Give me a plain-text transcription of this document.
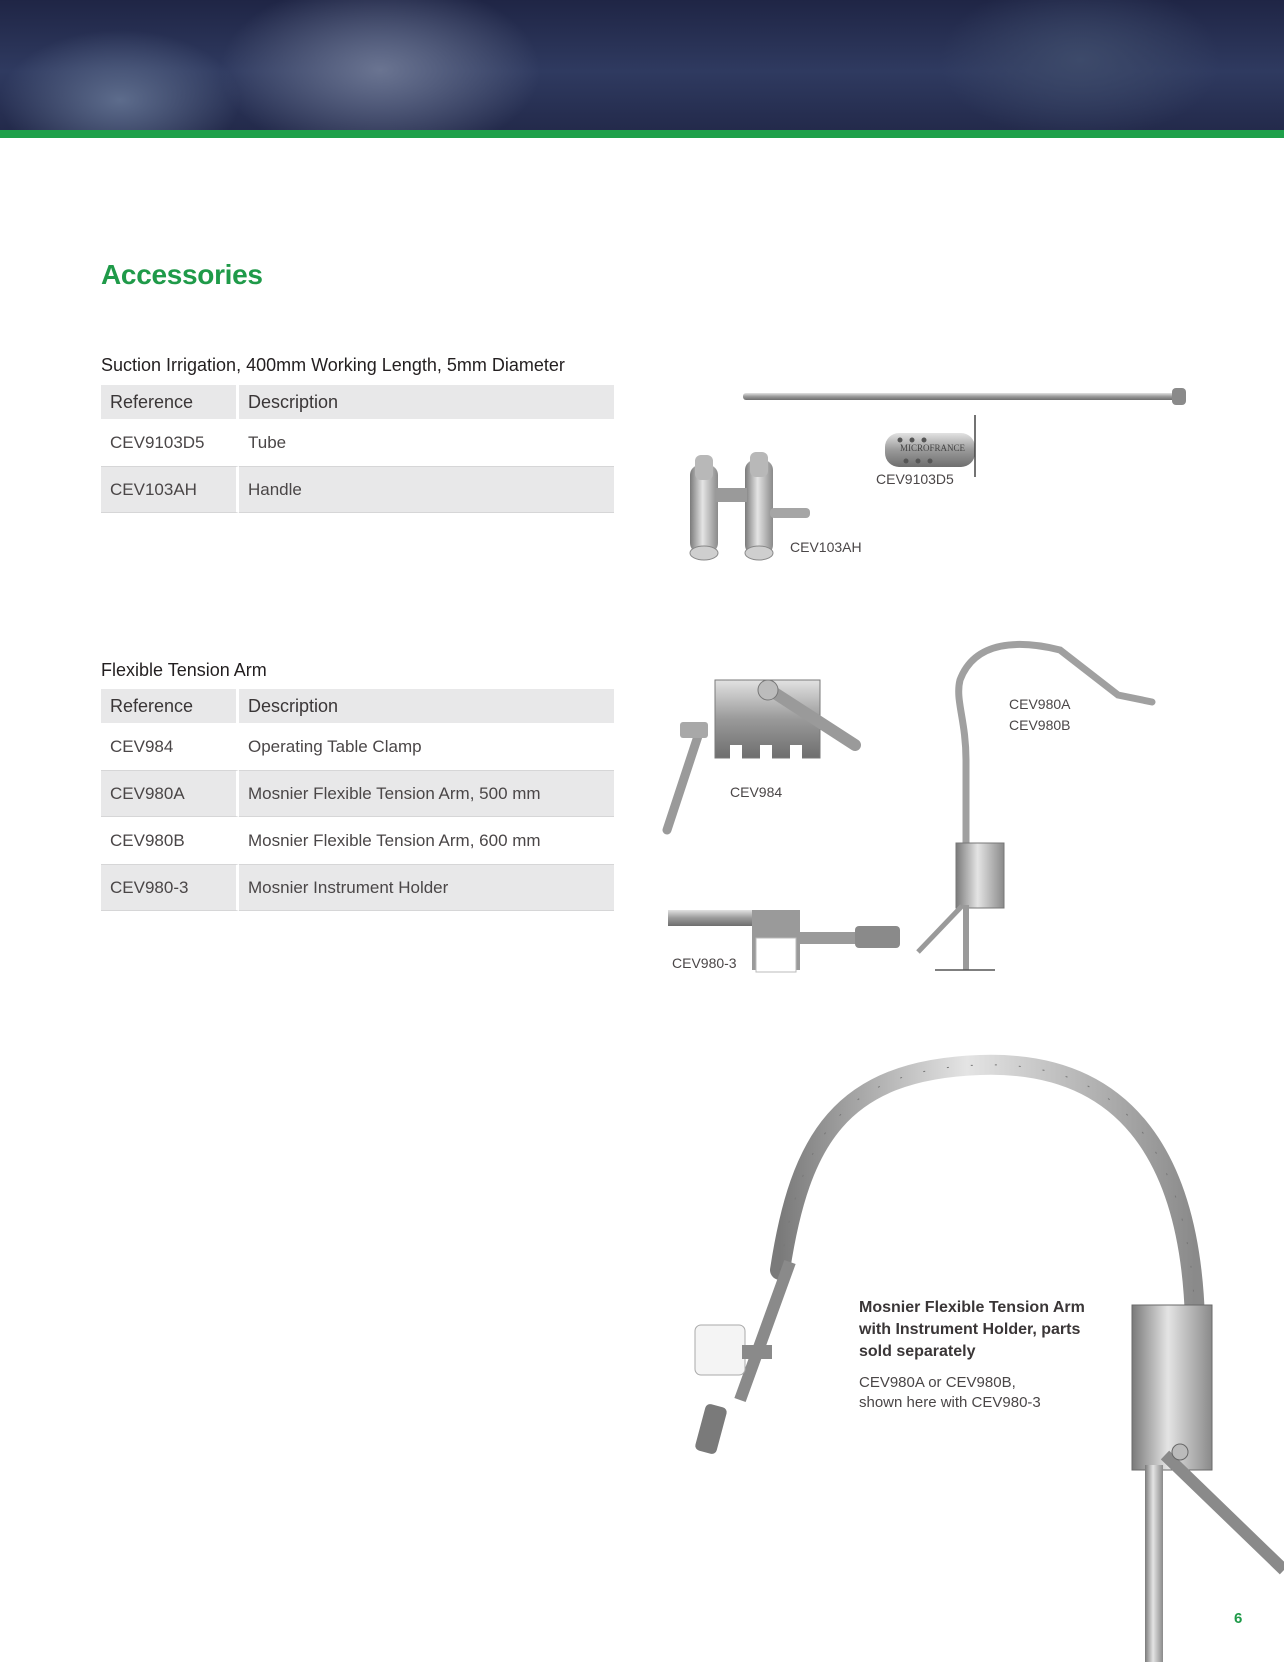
Accessories
Suction Irrigation, 400mm Working Length, 5mm Diameter
Reference	Description
CEV9103D5	Tube
CEV103AH	Handle
Flexible Tension Arm
Reference	Description
CEV984	Operating Table Clamp
CEV980A	Mosnier Flexible Tension Arm, 500 mm
CEV980B	Mosnier Flexible Tension Arm, 600 mm
CEV980-3	Mosnier Instrument Holder
MICROFRANCE
CEV9103D5
CEV103AH
CEV984
CEV980A
CEV980B
CEV980-3
Mosnier Flexible Tension Arm with Instrument Holder, parts sold separately
CEV980A or CEV980B,
shown here with CEV980-3
6
